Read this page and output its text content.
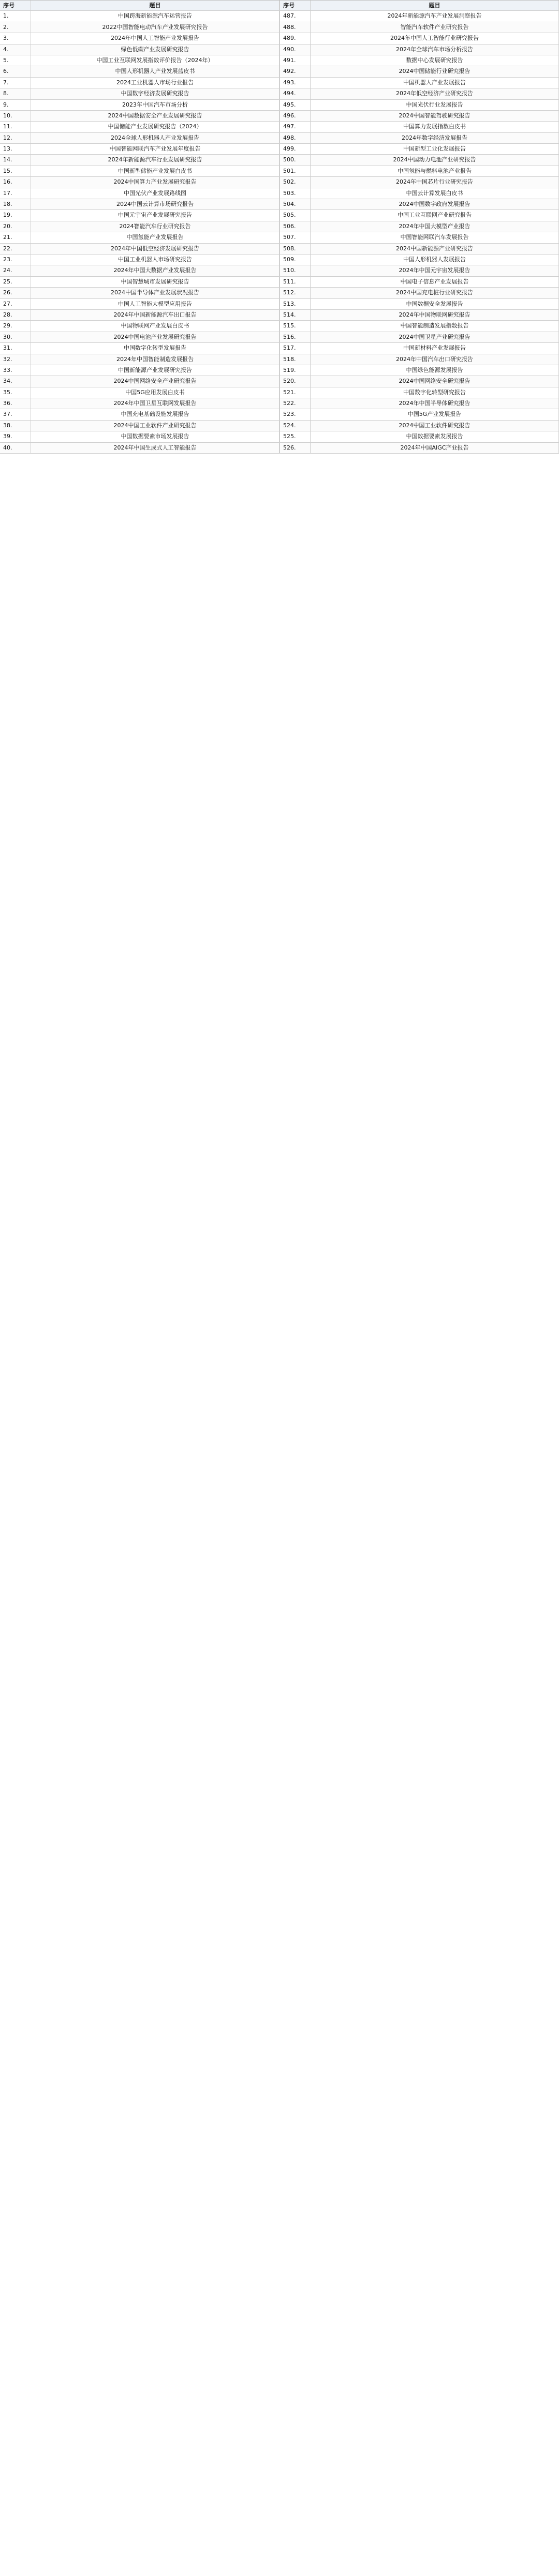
序号	题目	序号	题目
1.	中国跨海新能源汽车运营报告	487.	2024年新能源汽车产业发展洞察报告
2.	2022中国智能电动汽车产业发展研究报告	488.	智能汽车软件产业研究报告
3.	2024年中国人工智能产业发展报告	489.	2024年中国人工智能行业研究报告
4.	绿色低碳产业发展研究报告	490.	2024年全球汽车市场分析报告
5.	中国工业互联网发展指数评价报告（2024年）	491.	数据中心发展研究报告
6.	中国人形机器人产业发展蓝皮书	492.	2024中国储能行业研究报告
7.	2024工业机器人市场行业报告	493.	中国机器人产业发展报告
8.	中国数字经济发展研究报告	494.	2024年低空经济产业研究报告
9.	2023年中国汽车市场分析	495.	中国光伏行业发展报告
10.	2024中国数据安全产业发展研究报告	496.	2024中国智能驾驶研究报告
11.	中国储能产业发展研究报告（2024）	497.	中国算力发展指数白皮书
12.	2024全球人形机器人产业发展报告	498.	2024年数字经济发展报告
13.	中国智能网联汽车产业发展年度报告	499.	中国新型工业化发展报告
14.	2024年新能源汽车行业发展研究报告	500.	2024中国动力电池产业研究报告
15.	中国新型储能产业发展白皮书	501.	中国氢能与燃料电池产业报告
16.	2024中国算力产业发展研究报告	502.	2024年中国芯片行业研究报告
17.	中国光伏产业发展路线图	503.	中国云计算发展白皮书
18.	2024中国云计算市场研究报告	504.	2024中国数字政府发展报告
19.	中国元宇宙产业发展研究报告	505.	中国工业互联网产业研究报告
20.	2024智能汽车行业研究报告	506.	2024年中国大模型产业报告
21.	中国氢能产业发展报告	507.	中国智能网联汽车发展报告
22.	2024年中国低空经济发展研究报告	508.	2024中国新能源产业研究报告
23.	中国工业机器人市场研究报告	509.	中国人形机器人发展报告
24.	2024年中国大数据产业发展报告	510.	2024年中国元宇宙发展报告
25.	中国智慧城市发展研究报告	511.	中国电子信息产业发展报告
26.	2024中国半导体产业发展状况报告	512.	2024中国充电桩行业研究报告
27.	中国人工智能大模型应用报告	513.	中国数据安全发展报告
28.	2024年中国新能源汽车出口报告	514.	2024年中国物联网研究报告
29.	中国物联网产业发展白皮书	515.	中国智能制造发展指数报告
30.	2024中国电池产业发展研究报告	516.	2024中国卫星产业研究报告
31.	中国数字化转型发展报告	517.	中国新材料产业发展报告
32.	2024年中国智能制造发展报告	518.	2024年中国汽车出口研究报告
33.	中国新能源产业发展研究报告	519.	中国绿色能源发展报告
34.	2024中国网络安全产业研究报告	520.	2024中国网络安全研究报告
35.	中国5G应用发展白皮书	521.	中国数字化转型研究报告
36.	2024年中国卫星互联网发展报告	522.	2024年中国半导体研究报告
37.	中国充电基础设施发展报告	523.	中国5G产业发展报告
38.	2024中国工业软件产业研究报告	524.	2024中国工业软件研究报告
39.	中国数据要素市场发展报告	525.	中国数据要素发展报告
40.	2024年中国生成式人工智能报告	526.	2024年中国AIGC产业报告
